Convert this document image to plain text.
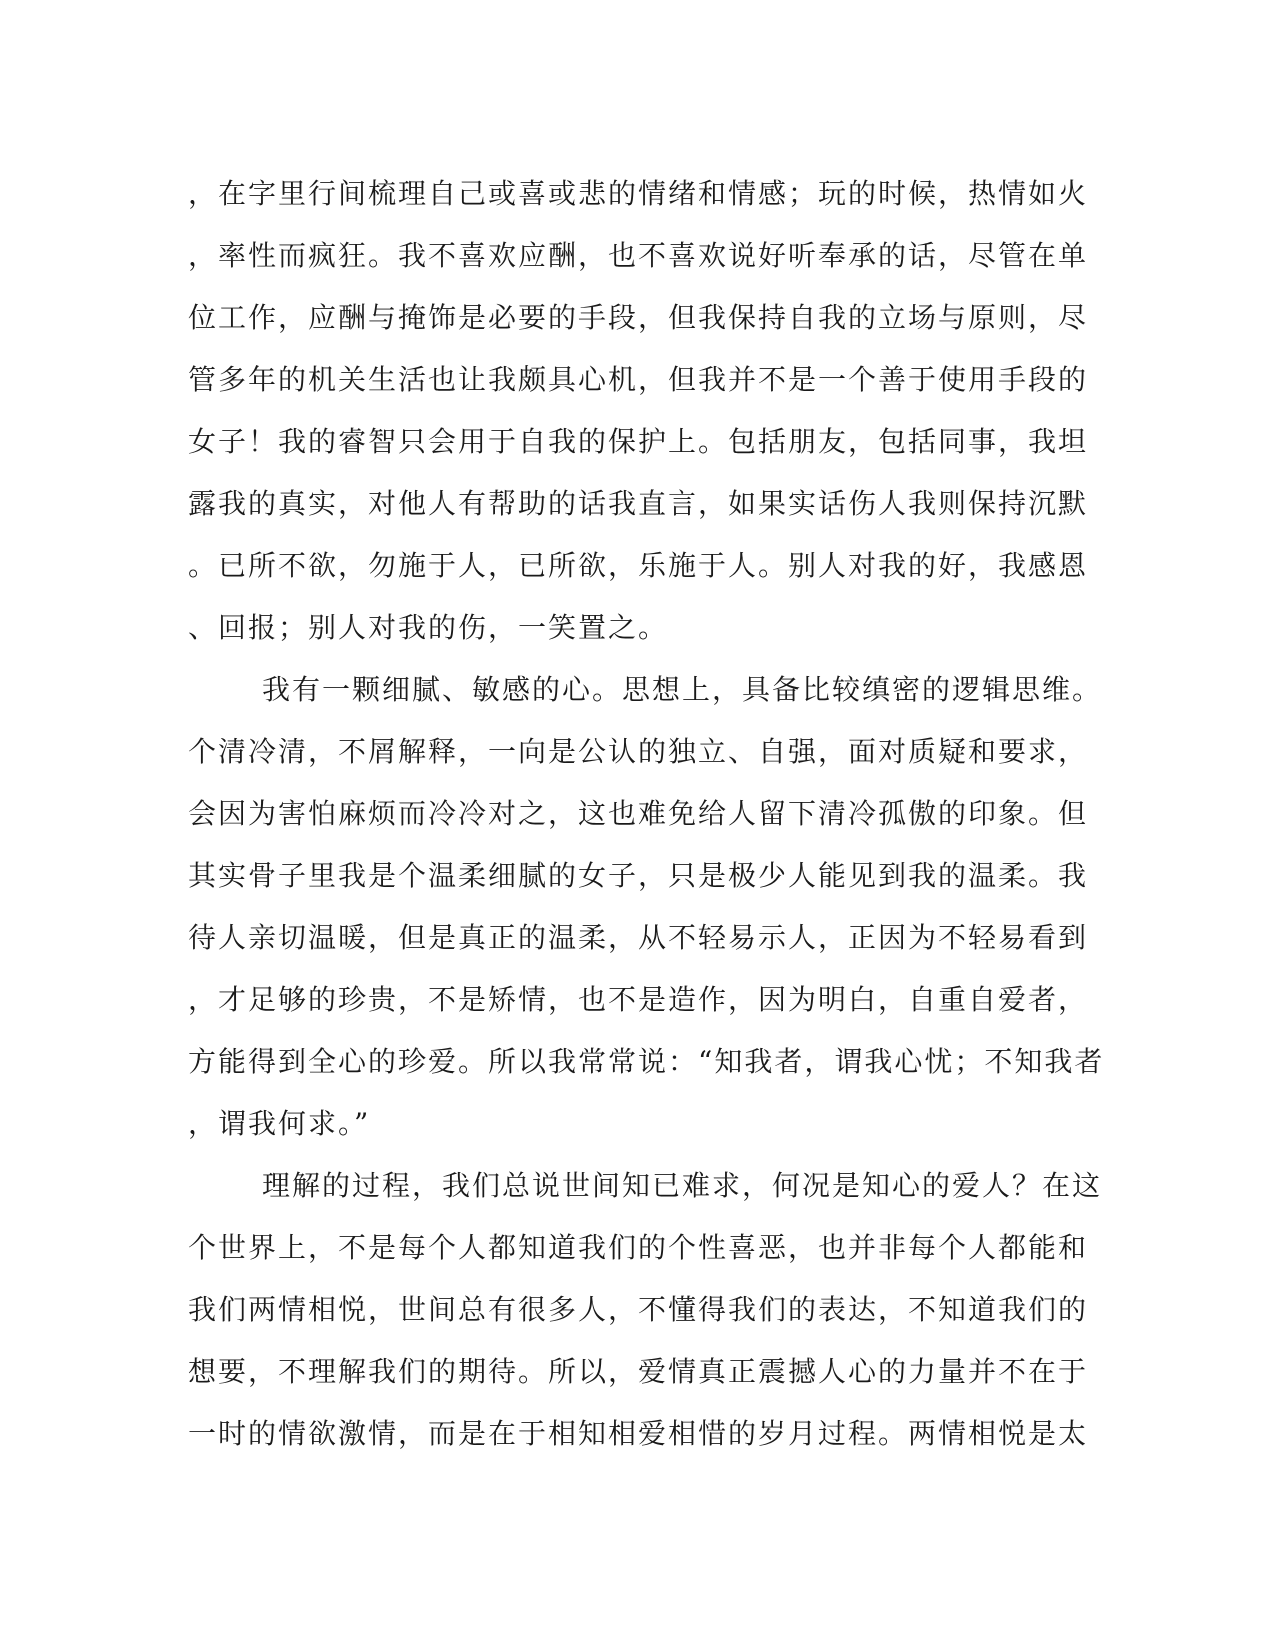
，在字里行间梳理自己或喜或悲的情绪和情感；玩的时候，热情如火
，率性而疯狂。我不喜欢应酬，也不喜欢说好听奉承的话，尽管在单
位工作，应酬与掩饰是必要的手段，但我保持自我的立场与原则，尽
管多年的机关生活也让我颇具心机，但我并不是一个善于使用手段的
女子！我的睿智只会用于自我的保护上。包括朋友，包括同事，我坦
露我的真实，对他人有帮助的话我直言，如果实话伤人我则保持沉默
。已所不欲，勿施于人，已所欲，乐施于人。别人对我的好，我感恩
、回报；别人对我的伤，一笑置之。
我有一颗细腻、敏感的心。思想上，具备比较缜密的逻辑思维。
个清冷清，不屑解释，一向是公认的独立、自强，面对质疑和要求，
会因为害怕麻烦而冷冷对之，这也难免给人留下清冷孤傲的印象。但
其实骨子里我是个温柔细腻的女子，只是极少人能见到我的温柔。我
待人亲切温暖，但是真正的温柔，从不轻易示人，正因为不轻易看到
，才足够的珍贵，不是矫情，也不是造作，因为明白，自重自爱者，
方能得到全心的珍爱。所以我常常说：“知我者，谓我心忧；不知我者
，谓我何求。”
理解的过程，我们总说世间知已难求，何况是知心的爱人？在这
个世界上，不是每个人都知道我们的个性喜恶，也并非每个人都能和
我们两情相悦，世间总有很多人，不懂得我们的表达，不知道我们的
想要，不理解我们的期待。所以，爱情真正震撼人心的力量并不在于
一时的情欲激情，而是在于相知相爱相惜的岁月过程。两情相悦是太
